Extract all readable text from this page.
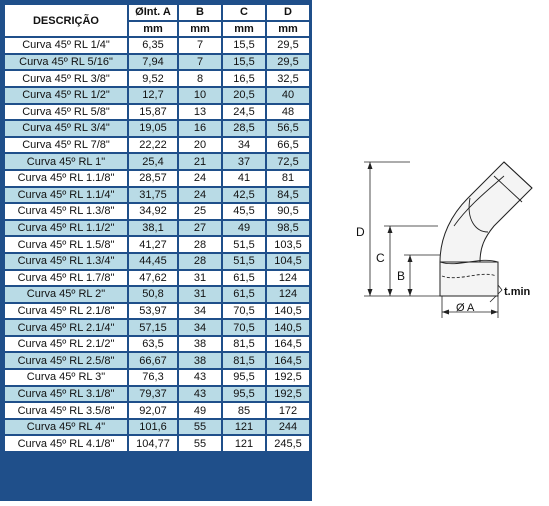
DESCRIÇÃO	ØInt. A	B	C	D
	mm	mm	mm	mm
Curva 45º RL 1/4"	6,35	7	15,5	29,5
Curva 45º RL 5/16"	7,94	7	15,5	29,5
Curva 45º RL 3/8"	9,52	8	16,5	32,5
Curva 45º RL 1/2"	12,7	10	20,5	40
Curva 45º RL 5/8"	15,87	13	24,5	48
Curva 45º RL 3/4"	19,05	16	28,5	56,5
Curva 45º RL 7/8"	22,22	20	34	66,5
Curva 45º RL 1"	25,4	21	37	72,5
Curva 45º RL 1.1/8"	28,57	24	41	81
Curva 45º RL 1.1/4"	31,75	24	42,5	84,5
Curva 45º RL 1.3/8"	34,92	25	45,5	90,5
Curva 45º RL 1.1/2"	38,1	27	49	98,5
Curva 45º RL 1.5/8"	41,27	28	51,5	103,5
Curva 45º RL 1.3/4"	44,45	28	51,5	104,5
Curva 45º RL 1.7/8"	47,62	31	61,5	124
Curva 45º RL 2"	50,8	31	61,5	124
Curva 45º RL 2.1/8"	53,97	34	70,5	140,5
Curva 45º RL 2.1/4"	57,15	34	70,5	140,5
Curva 45º RL 2.1/2"	63,5	38	81,5	164,5
Curva 45º RL 2.5/8"	66,67	38	81,5	164,5
Curva 45º RL 3"	76,3	43	95,5	192,5
Curva 45º RL 3.1/8"	79,37	43	95,5	192,5
Curva 45º RL 3.5/8"	92,07	49	85	172
Curva 45º RL 4"	101,6	55	121	244
Curva 45º RL 4.1/8"	104,77	55	121	245,5
D
C
B
Ø A
t.min
